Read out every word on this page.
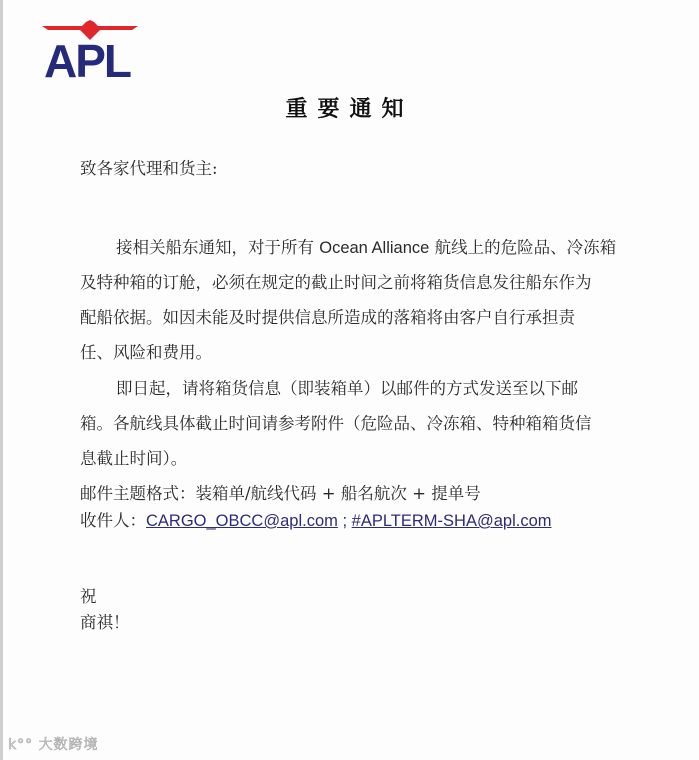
APL
重要通知
致各家代理和货主:
接相关船东通知，对于所有 Ocean Alliance 航线上的危险品、冷冻箱
及特种箱的订舱，必须在规定的截止时间之前将箱货信息发往船东作为
配船依据。如因未能及时提供信息所造成的落箱将由客户自行承担责
任、风险和费用。
即日起，请将箱货信息（即装箱单）以邮件的方式发送至以下邮
箱。各航线具体截止时间请参考附件（危险品、冷冻箱、特种箱箱货信
息截止时间）。
邮件主题格式：装箱单/航线代码 + 船名航次 + 提单号
收件人：CARGO_OBCC@apl.com ; #APLTERM-SHA@apl.com
祝
商祺！
k°° 大数跨境
